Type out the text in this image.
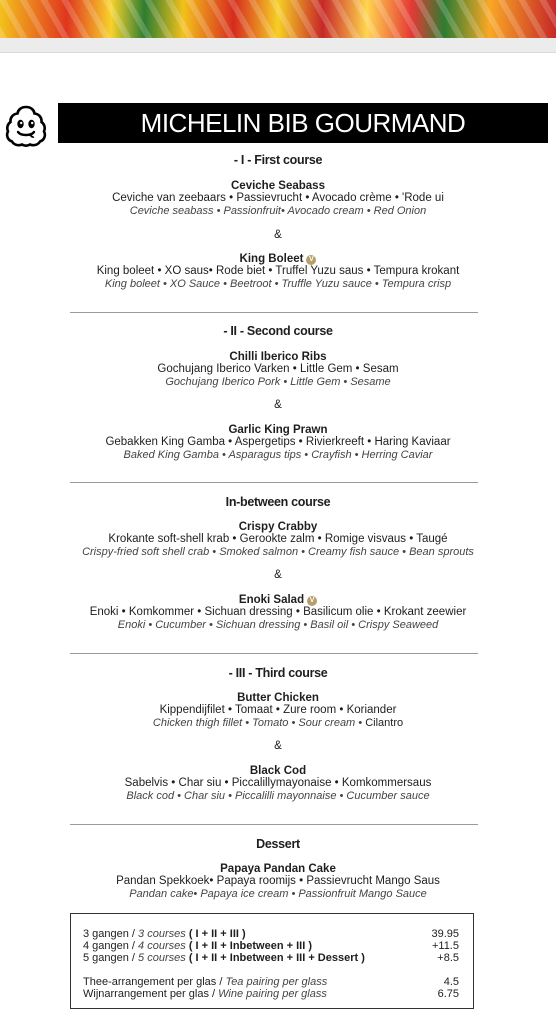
MICHELIN BIB GOURMAND
- I - First course
Ceviche Seabass
Ceviche van zeebaars • Passievrucht • Avocado crème • 'Rode ui
Ceviche seabass • Passionfruit• Avocado cream • Red Onion
&
King Boleet V
King boleet • XO saus• Rode biet • Truffel Yuzu saus • Tempura krokant
King boleet • XO Sauce • Beetroot • Truffle Yuzu sauce • Tempura crisp
- II - Second course
Chilli Iberico Ribs
Gochujang Iberico Varken • Little Gem • Sesam
Gochujang Iberico Pork • Little Gem • Sesame
&
Garlic King Prawn
Gebakken King Gamba • Aspergetips • Rivierkreeft • Haring Kaviaar
Baked King Gamba • Asparagus tips • Crayfish • Herring Caviar
In-between course
Crispy Crabby
Krokante soft-shell krab • Gerookte zalm • Romige visvaus • Taugé
Crispy-fried soft shell crab • Smoked salmon • Creamy fish sauce • Bean sprouts
&
Enoki Salad V
Enoki • Komkommer • Sichuan dressing • Basilicum olie • Krokant zeewier
Enoki • Cucumber • Sichuan dressing • Basil oil • Crispy Seaweed
- III - Third course
Butter Chicken
Kippendijfilet • Tomaat • Zure room • Koriander
Chicken thigh fillet • Tomato • Sour cream • Cilantro
&
Black Cod
Sabelvis • Char siu • Piccalillymayonaise • Komkommersaus
Black cod • Char siu • Piccalilli mayonnaise • Cucumber sauce
Dessert
Papaya Pandan Cake
Pandan Spekkoek• Papaya roomijs • Passievrucht Mango Saus
Pandan cake• Papaya ice cream • Passionfruit Mango Sauce
3 gangen / 3 courses ( I + II + III )	39.95
4 gangen / 4 courses ( I + II + Inbetween + III )	+11.5
5 gangen / 5 courses ( I + II + Inbetween + III + Dessert )	+8.5
Thee-arrangement per glas / Tea pairing per glass	4.5
Wijnarrangement per glas / Wine pairing per glass	6.75
